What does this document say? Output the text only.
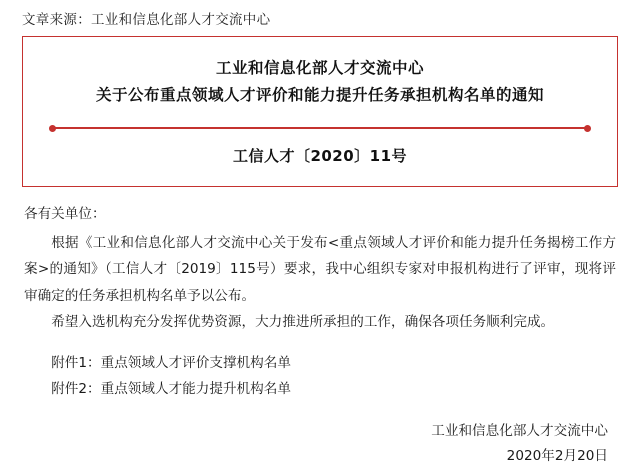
文章来源：工业和信息化部人才交流中心
工业和信息化部人才交流中心
关于公布重点领域人才评价和能力提升任务承担机构名单的通知
工信人才〔2020〕11号

各有关单位：

根据《工业和信息化部人才交流中心关于发布<重点领域人才评价和能力提升任务揭榜工作方案>的通知》（工信人才〔2019〕115号）要求，我中心组织专家对申报机构进行了评审，现将评审确定的任务承担机构名单予以公布。

希望入选机构充分发挥优势资源，大力推进所承担的工作，确保各项任务顺利完成。

附件1：重点领域人才评价支撑机构名单

附件2：重点领域人才能力提升机构名单

工业和信息化部人才交流中心
2020年2月20日
